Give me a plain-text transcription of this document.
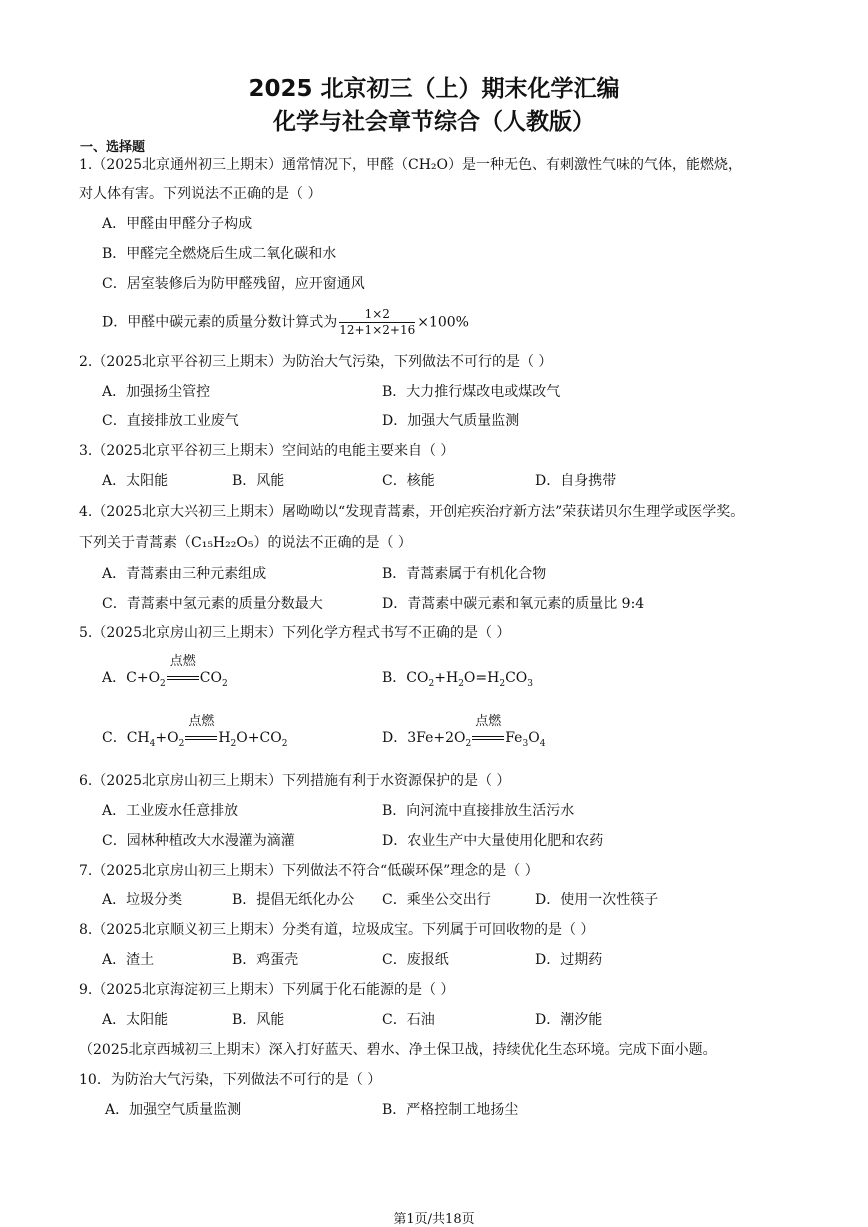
2025 北京初三（上）期末化学汇编
化学与社会章节综合（人教版）
一、选择题
1.（2025北京通州初三上期末）通常情况下，甲醛（CH₂O）是一种无色、有刺激性气味的气体，能燃烧，
对人体有害。下列说法不正确的是（ ）
A．甲醛由甲醛分子构成
B．甲醛完全燃烧后生成二氧化碳和水
C．居室装修后为防甲醛残留，应开窗通风
D．甲醛中碳元素的质量分数计算式为 $\frac{1\times 2}{12+1\times 2+16} \times 100\%$
2.（2025北京平谷初三上期末）为防治大气污染，下列做法不可行的是（ ）
A．加强扬尘管控	B．大力推行煤改电或煤改气
C．直接排放工业废气	D．加强大气质量监测
3.（2025北京平谷初三上期末）空间站的电能主要来自（ ）
A．太阳能	B．风能	C．核能	D．自身携带
4.（2025北京大兴初三上期末）屠呦呦以“发现青蒿素，开创疟疾治疗新方法”荣获诺贝尔生理学或医学奖。
下列关于青蒿素（C₁₅H₂₂O₅）的说法不正确的是（ ）
A．青蒿素由三种元素组成	B．青蒿素属于有机化合物
C．青蒿素中氢元素的质量分数最大	D．青蒿素中碳元素和氧元素的质量比 9:4
5.（2025北京房山初三上期末）下列化学方程式书写不正确的是（ ）
A．$C+O_2$
点燃
$CO_2$	B．$CO_2+H_2O=H_2CO_3$
C．$CH_4+O_2$
点燃
$H_2O+CO_2$	D．$3Fe+2O_2$
点燃
$Fe_3O_4$
6.（2025北京房山初三上期末）下列措施有利于水资源保护的是（ ）
A．工业废水任意排放	B．向河流中直接排放生活污水
C．园林种植改大水漫灌为滴灌	D．农业生产中大量使用化肥和农药
7.（2025北京房山初三上期末）下列做法不符合“低碳环保”理念的是（ ）
A．垃圾分类	B．提倡无纸化办公 C．乘坐公交出行	D．使用一次性筷子
8.（2025北京顺义初三上期末）分类有道，垃圾成宝。下列属于可回收物的是（ ）
A．渣土	B．鸡蛋壳	C．废报纸	D．过期药
9.（2025北京海淀初三上期末）下列属于化石能源的是（ ）
A．太阳能	B．风能	C．石油	D．潮汐能
（2025北京西城初三上期末）深入打好蓝天、碧水、净土保卫战，持续优化生态环境。完成下面小题。
10．为防治大气污染，下列做法不可行的是（ ）
A．加强空气质量监测	B．严格控制工地扬尘
第1页/共18页
